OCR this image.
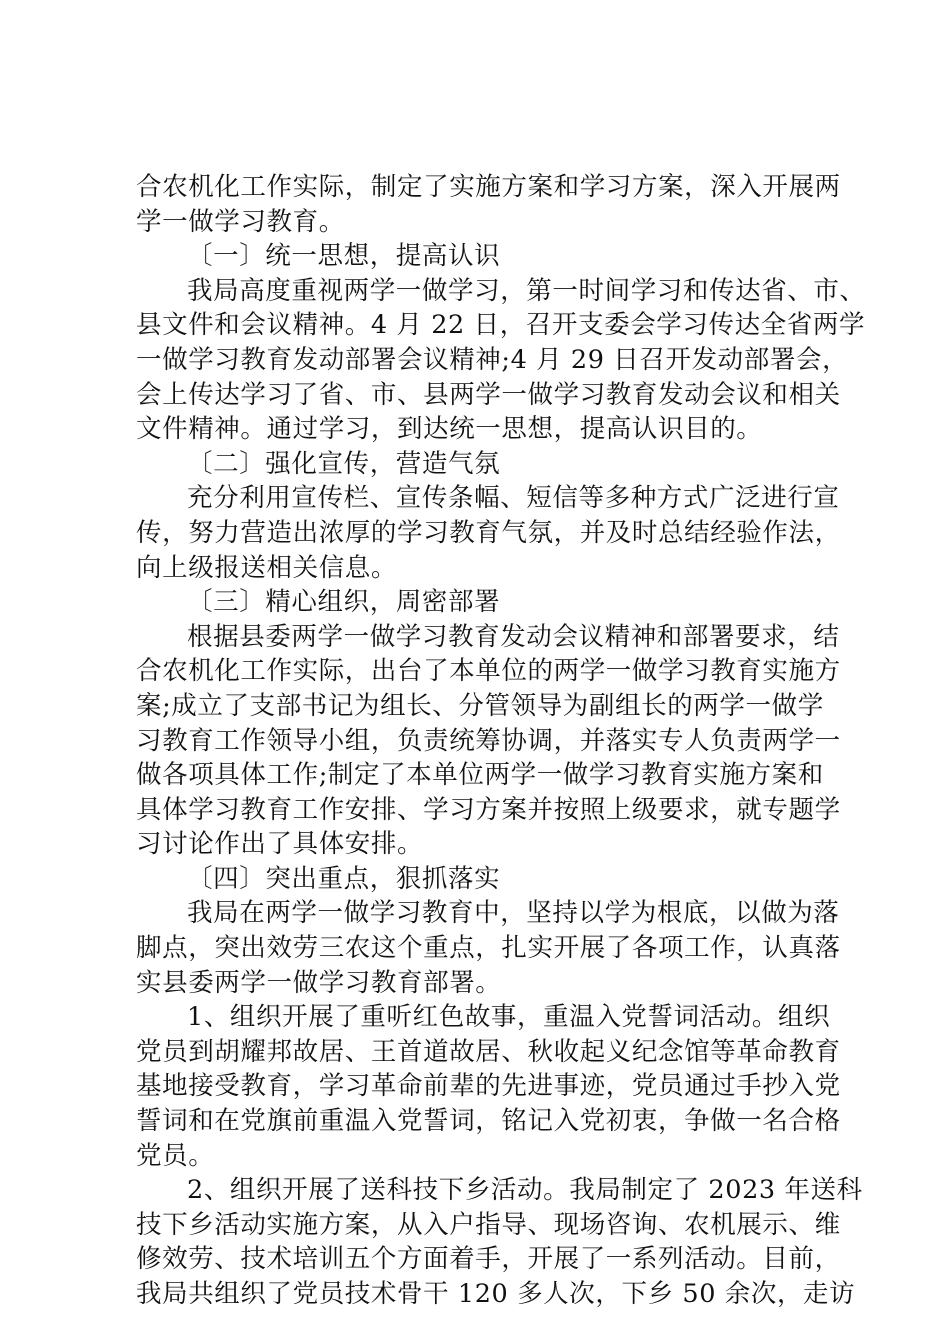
合农机化工作实际，制定了实施方案和学习方案，深入开展两
学一做学习教育。
〔一〕统一思想，提高认识
我局高度重视两学一做学习，第一时间学习和传达省、市、
县文件和会议精神。4 月 22 日，召开支委会学习传达全省两学
一做学习教育发动部署会议精神;4 月 29 日召开发动部署会，
会上传达学习了省、市、县两学一做学习教育发动会议和相关
文件精神。通过学习，到达统一思想，提高认识目的。
〔二〕强化宣传，营造气氛
充分利用宣传栏、宣传条幅、短信等多种方式广泛进行宣
传，努力营造出浓厚的学习教育气氛，并及时总结经验作法，
向上级报送相关信息。
〔三〕精心组织，周密部署
根据县委两学一做学习教育发动会议精神和部署要求，结
合农机化工作实际，出台了本单位的两学一做学习教育实施方
案;成立了支部书记为组长、分管领导为副组长的两学一做学
习教育工作领导小组，负责统筹协调，并落实专人负责两学一
做各项具体工作;制定了本单位两学一做学习教育实施方案和
具体学习教育工作安排、学习方案并按照上级要求，就专题学
习讨论作出了具体安排。
〔四〕突出重点，狠抓落实
我局在两学一做学习教育中，坚持以学为根底，以做为落
脚点，突出效劳三农这个重点，扎实开展了各项工作，认真落
实县委两学一做学习教育部署。
1、组织开展了重听红色故事，重温入党誓词活动。组织
党员到胡耀邦故居、王首道故居、秋收起义纪念馆等革命教育
基地接受教育，学习革命前辈的先进事迹，党员通过手抄入党
誓词和在党旗前重温入党誓词，铭记入党初衷，争做一名合格
党员。
2、组织开展了送科技下乡活动。我局制定了 2023 年送科
技下乡活动实施方案，从入户指导、现场咨询、农机展示、维
修效劳、技术培训五个方面着手，开展了一系列活动。目前，
我局共组织了党员技术骨干 120 多人次，下乡 50 余次，走访
